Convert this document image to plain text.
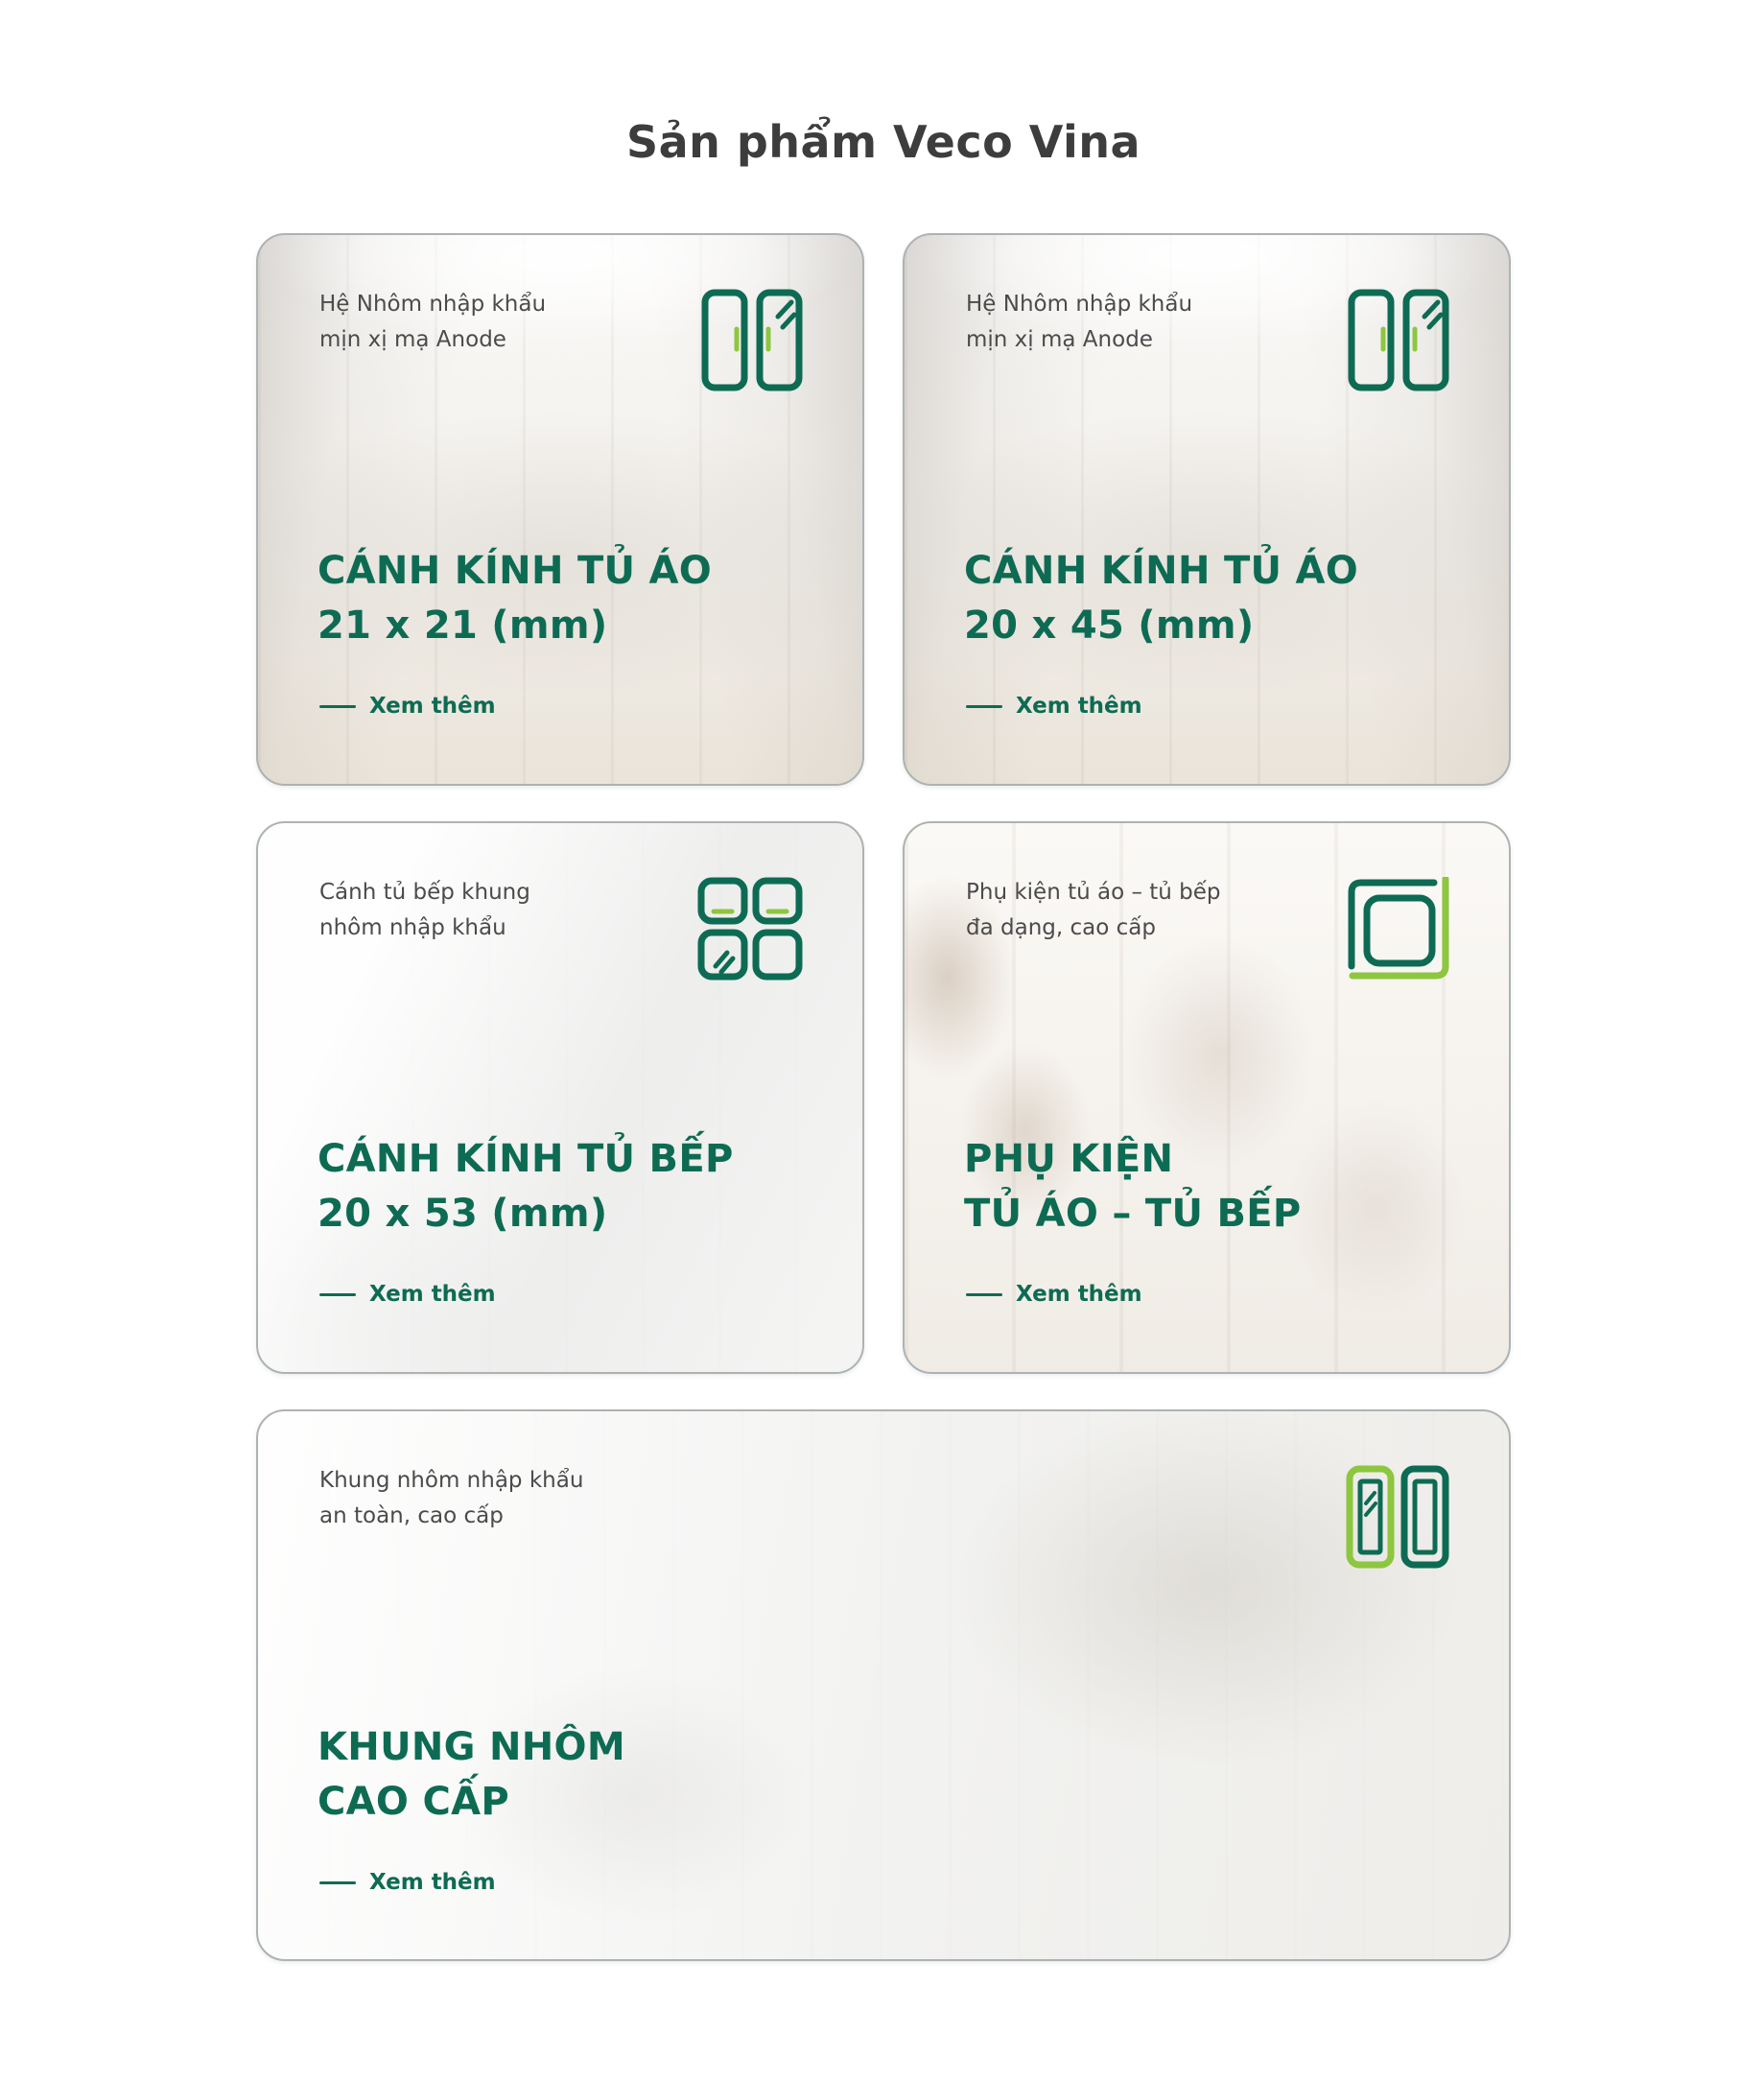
Sản phẩm Veco Vina

Hệ Nhôm nhập khẩu
mịn xị mạ Anode

CÁNH KÍNH TỦ ÁO
21 x 21 (mm)
Xem thêm

Hệ Nhôm nhập khẩu
mịn xị mạ Anode

CÁNH KÍNH TỦ ÁO
20 x 45 (mm)
Xem thêm

Cánh tủ bếp khung
nhôm nhập khẩu

CÁNH KÍNH TỦ BẾP
20 x 53 (mm)
Xem thêm

Phụ kiện tủ áo – tủ bếp
đa dạng, cao cấp

PHỤ KIỆN
TỦ ÁO – TỦ BẾP
Xem thêm

Khung nhôm nhập khẩu
an toàn, cao cấp

KHUNG NHÔM
CAO CẤP
Xem thêm
